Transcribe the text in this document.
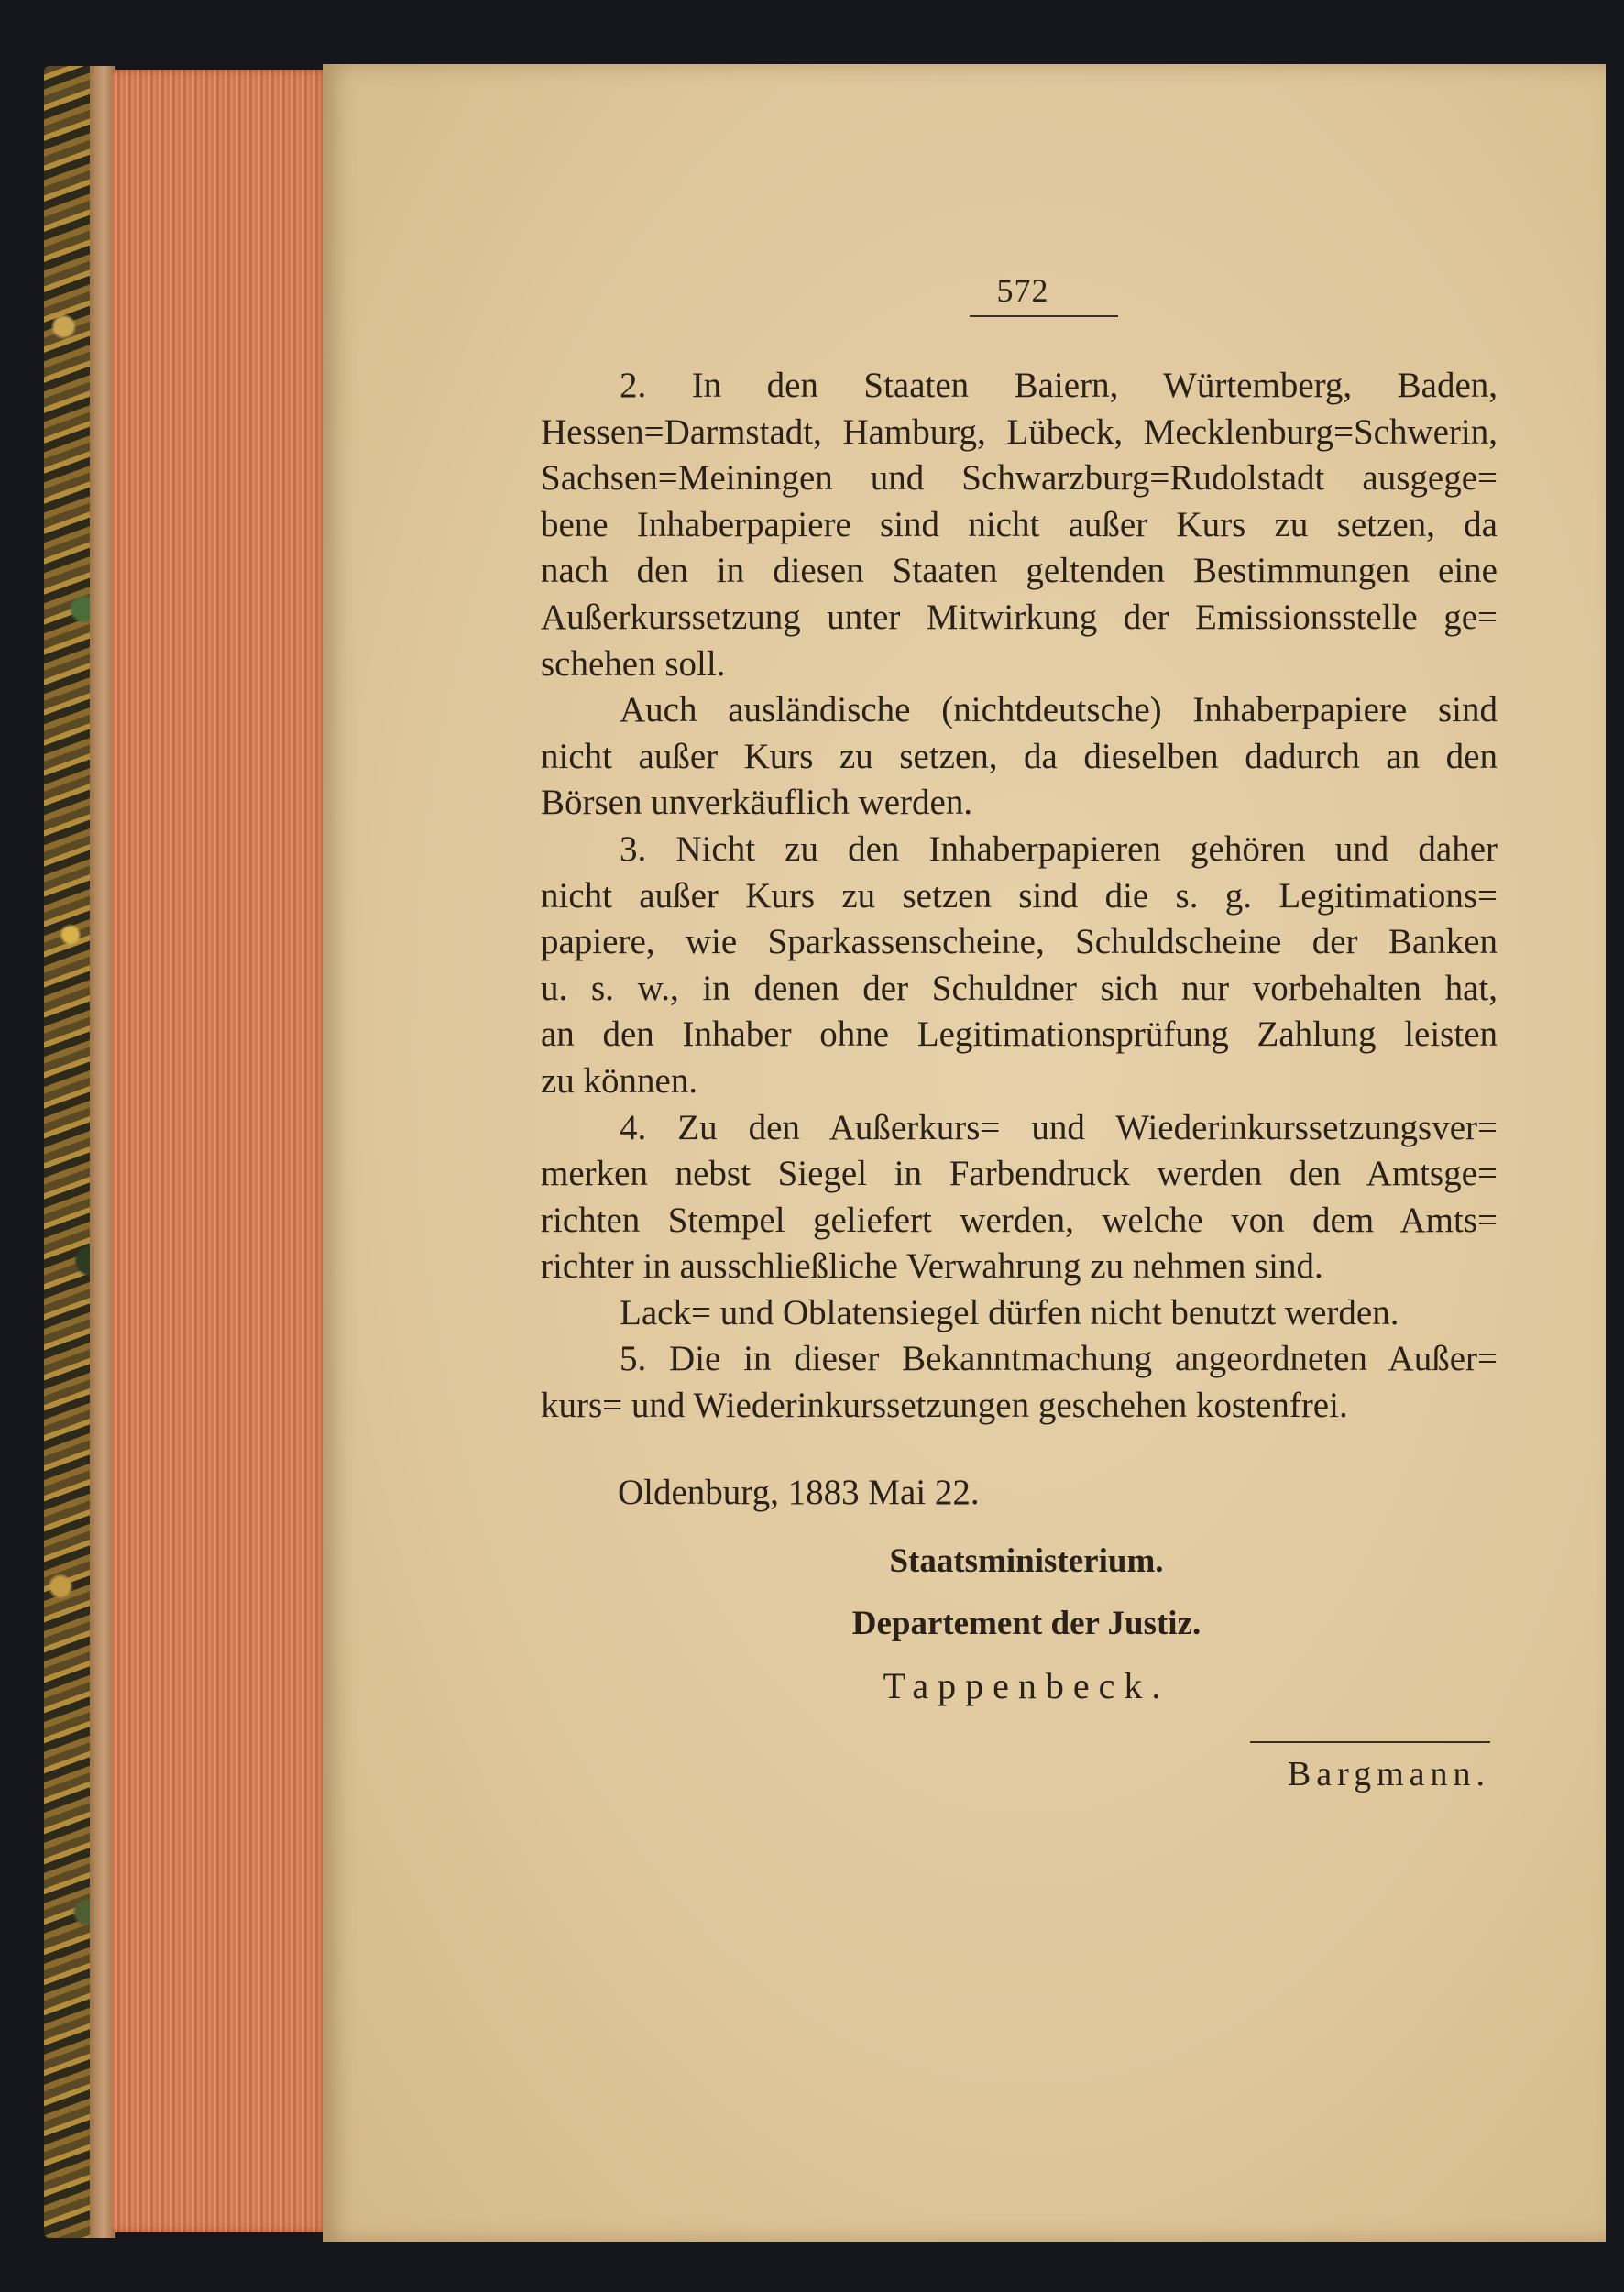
572
2. In den Staaten Baiern, Würtemberg, Baden,
Hessen=Darmstadt, Hamburg, Lübeck, Mecklenburg=Schwerin,
Sachsen=Meiningen und Schwarzburg=Rudolstadt ausgege=
bene Inhaberpapiere sind nicht außer Kurs zu setzen, da
nach den in diesen Staaten geltenden Bestimmungen eine
Außerkurssetzung unter Mitwirkung der Emissionsstelle ge=
schehen soll.
Auch ausländische (nichtdeutsche) Inhaberpapiere sind
nicht außer Kurs zu setzen, da dieselben dadurch an den
Börsen unverkäuflich werden.
3. Nicht zu den Inhaberpapieren gehören und daher
nicht außer Kurs zu setzen sind die s. g. Legitimations=
papiere, wie Sparkassenscheine, Schuldscheine der Banken
u. s. w., in denen der Schuldner sich nur vorbehalten hat,
an den Inhaber ohne Legitimationsprüfung Zahlung leisten
zu können.
4. Zu den Außerkurs= und Wiederinkurssetzungsver=
merken nebst Siegel in Farbendruck werden den Amtsge=
richten Stempel geliefert werden, welche von dem Amts=
richter in ausschließliche Verwahrung zu nehmen sind.
Lack= und Oblatensiegel dürfen nicht benutzt werden.
5. Die in dieser Bekanntmachung angeordneten Außer=
kurs= und Wiederinkurssetzungen geschehen kostenfrei.
Oldenburg, 1883 Mai 22.
Staatsministerium.
Departement der Justiz.
Tappenbeck.
Bargmann.
